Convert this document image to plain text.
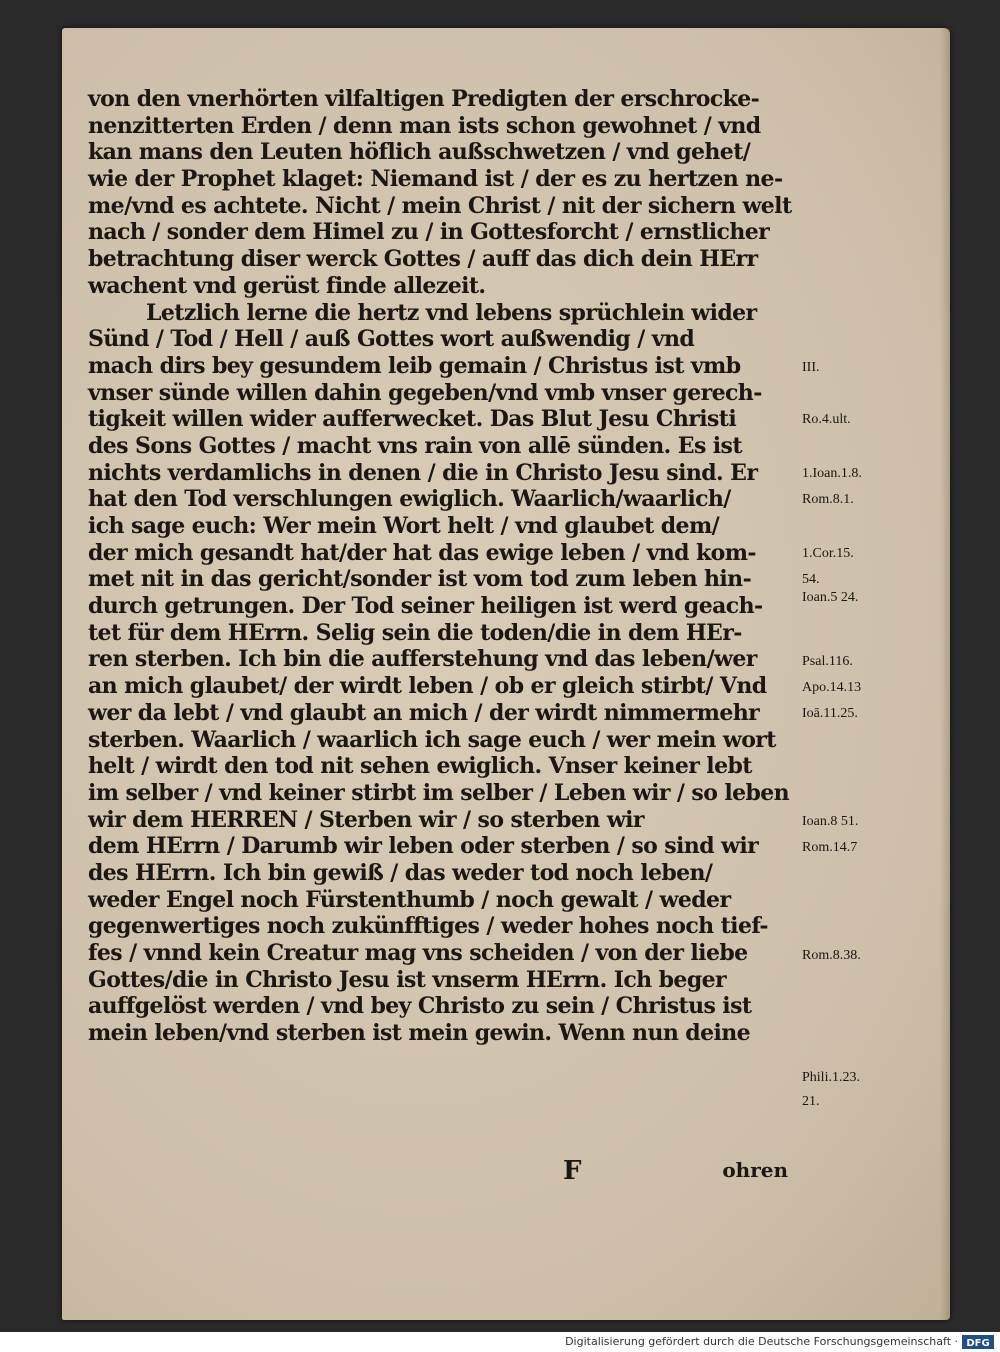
von den vnerhörten vilfaltigen Predigten der erschrocke-
nenzitterten Erden / denn man ists schon gewohnet / vnd
kan mans den Leuten höflich außschwetzen / vnd gehet/
wie der Prophet klaget: Niemand ist / der es zu hertzen ne-
me/vnd es achtete. Nicht / mein Christ / nit der sichern welt
nach / sonder dem Himel zu / in Gottesforcht / ernstlicher
betrachtung diser werck Gottes / auff das dich dein HErr
wachent vnd gerüst finde allezeit.
Letzlich lerne die hertz vnd lebens sprüchlein wider
Sünd / Tod / Hell / auß Gottes wort außwendig / vnd
mach dirs bey gesundem leib gemain / Christus ist vmb
vnser sünde willen dahin gegeben/vnd vmb vnser gerech-
tigkeit willen wider aufferwecket. Das Blut Jesu Christi
des Sons Gottes / macht vns rain von allē sünden. Es ist
nichts verdamlichs in denen / die in Christo Jesu sind. Er
hat den Tod verschlungen ewiglich. Waarlich/waarlich/
ich sage euch: Wer mein Wort helt / vnd glaubet dem/
der mich gesandt hat/der hat das ewige leben / vnd kom-
met nit in das gericht/sonder ist vom tod zum leben hin-
durch getrungen. Der Tod seiner heiligen ist werd geach-
tet für dem HErrn. Selig sein die toden/die in dem HEr-
ren sterben. Ich bin die aufferstehung vnd das leben/wer
an mich glaubet/ der wirdt leben / ob er gleich stirbt/ Vnd
wer da lebt / vnd glaubt an mich / der wirdt nimmermehr
sterben. Waarlich / waarlich ich sage euch / wer mein wort
helt / wirdt den tod nit sehen ewiglich. Vnser keiner lebt
im selber / vnd keiner stirbt im selber / Leben wir / so leben
wir dem HERREN / Sterben wir / so sterben wir
dem HErrn / Darumb wir leben oder sterben / so sind wir
des HErrn. Ich bin gewiß / das weder tod noch leben/
weder Engel noch Fürstenthumb / noch gewalt / weder
gegenwertiges noch zukünfftiges / weder hohes noch tief-
fes / vnnd kein Creatur mag vns scheiden / von der liebe
Gottes/die in Christo Jesu ist vnserm HErrn. Ich beger
auffgelöst werden / vnd bey Christo zu sein / Christus ist
mein leben/vnd sterben ist mein gewin. Wenn nun deine
III.
Ro.4.ult.
1.Ioan.1.8.
Rom.8.1.
1.Cor.15.
54.
Ioan.5 24.
Psal.116.
Apo.14.13
Ioā.11.25.
Ioan.8 51.
Rom.14.7
Rom.8.38.
Phili.1.23.
21.
F	ohren
Digitalisierung gefördert durch die Deutsche Forschungsgemeinschaft · DFG
